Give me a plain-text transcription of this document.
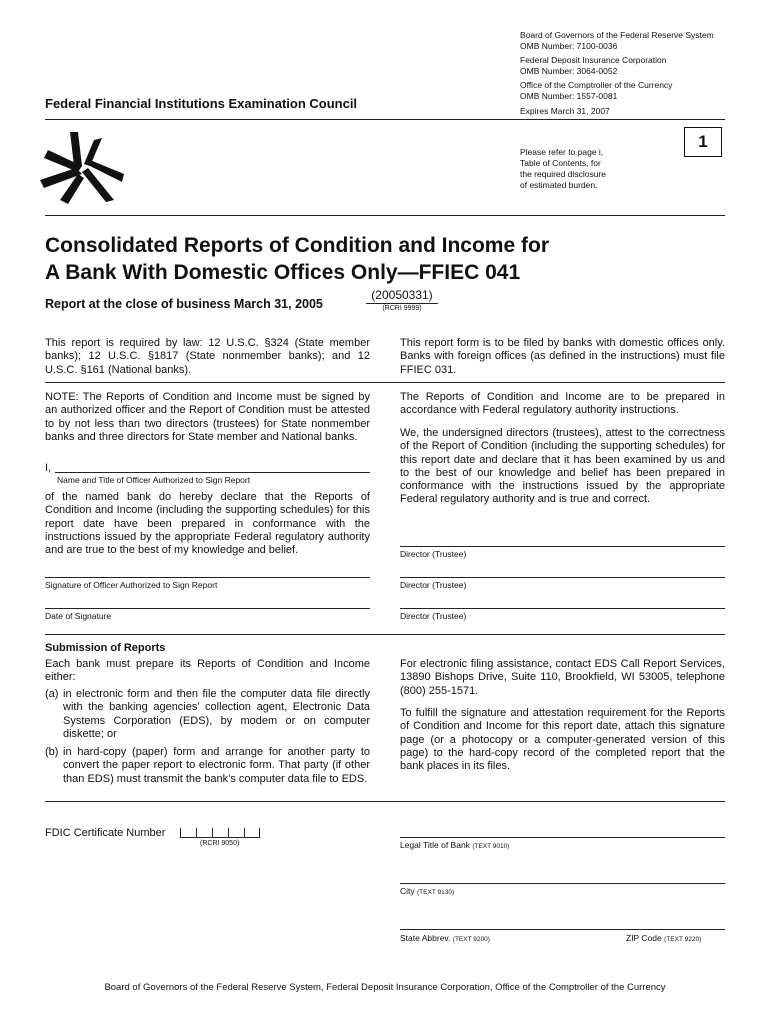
Board of Governors of the Federal Reserve System
OMB Number: 7100-0036
Federal Deposit Insurance Corporation
OMB Number: 3064-0052
Office of the Comptroller of the Currency
OMB Number: 1557-0081
Expires March 31, 2007
Federal Financial Institutions Examination Council
Please refer to page i,
Table of Contents, for
the required disclosure
of estimated burden.
1
Consolidated Reports of Condition and Income for
A Bank With Domestic Offices Only—FFIEC 041
Report at the close of business March 31, 2005
(20050331)
(RCRI 9999)
This report is required by law: 12 U.S.C. §324 (State member banks); 12 U.S.C. §1817 (State nonmember banks); and 12 U.S.C. §161 (National banks).
This report form is to be filed by banks with domestic offices only. Banks with foreign offices (as defined in the instructions) must file FFIEC 031.
NOTE: The Reports of Condition and Income must be signed by an authorized officer and the Report of Condition must be attested to by not less than two directors (trustees) for State nonmember banks and three directors for State member and National banks.
I,
Name and Title of Officer Authorized to Sign Report
of the named bank do hereby declare that the Reports of Condition and Income (including the supporting schedules) for this report date have been prepared in conformance with the instructions issued by the appropriate Federal regulatory authority and are true to the best of my knowledge and belief.
Signature of Officer Authorized to Sign Report
Date of Signature
The Reports of Condition and Income are to be prepared in accordance with Federal regulatory authority instructions.
We, the undersigned directors (trustees), attest to the correctness of the Report of Condition (including the supporting schedules) for this report date and declare that it has been examined by us and to the best of our knowledge and belief has been prepared in conformance with the instructions issued by the appropriate Federal regulatory authority and is true and correct.
Director (Trustee)
Director (Trustee)
Director (Trustee)
Submission of Reports
Each bank must prepare its Reports of Condition and Income either:
(a) in electronic form and then file the computer data file directly with the banking agencies’ collection agent, Electronic Data Systems Corporation (EDS), by modem or on computer diskette; or
(b) in hard-copy (paper) form and arrange for another party to convert the paper report to electronic form. That party (if other than EDS) must transmit the bank’s computer data file to EDS.
For electronic filing assistance, contact EDS Call Report Services, 13890 Bishops Drive, Suite 110, Brookfield, WI 53005, telephone (800) 255-1571.
To fulfill the signature and attestation requirement for the Reports of Condition and Income for this report date, attach this signature page (or a photocopy or a computer-generated version of this page) to the hard-copy record of the completed report that the bank places in its files.
FDIC Certificate Number
(RCRI 9050)	Legal Title of Bank (TEXT 9010)
City (TEXT 9130)
State Abbrev. (TEXT 9200)	ZIP Code (TEXT 9220)
Board of Governors of the Federal Reserve System, Federal Deposit Insurance Corporation, Office of the Comptroller of the Currency
